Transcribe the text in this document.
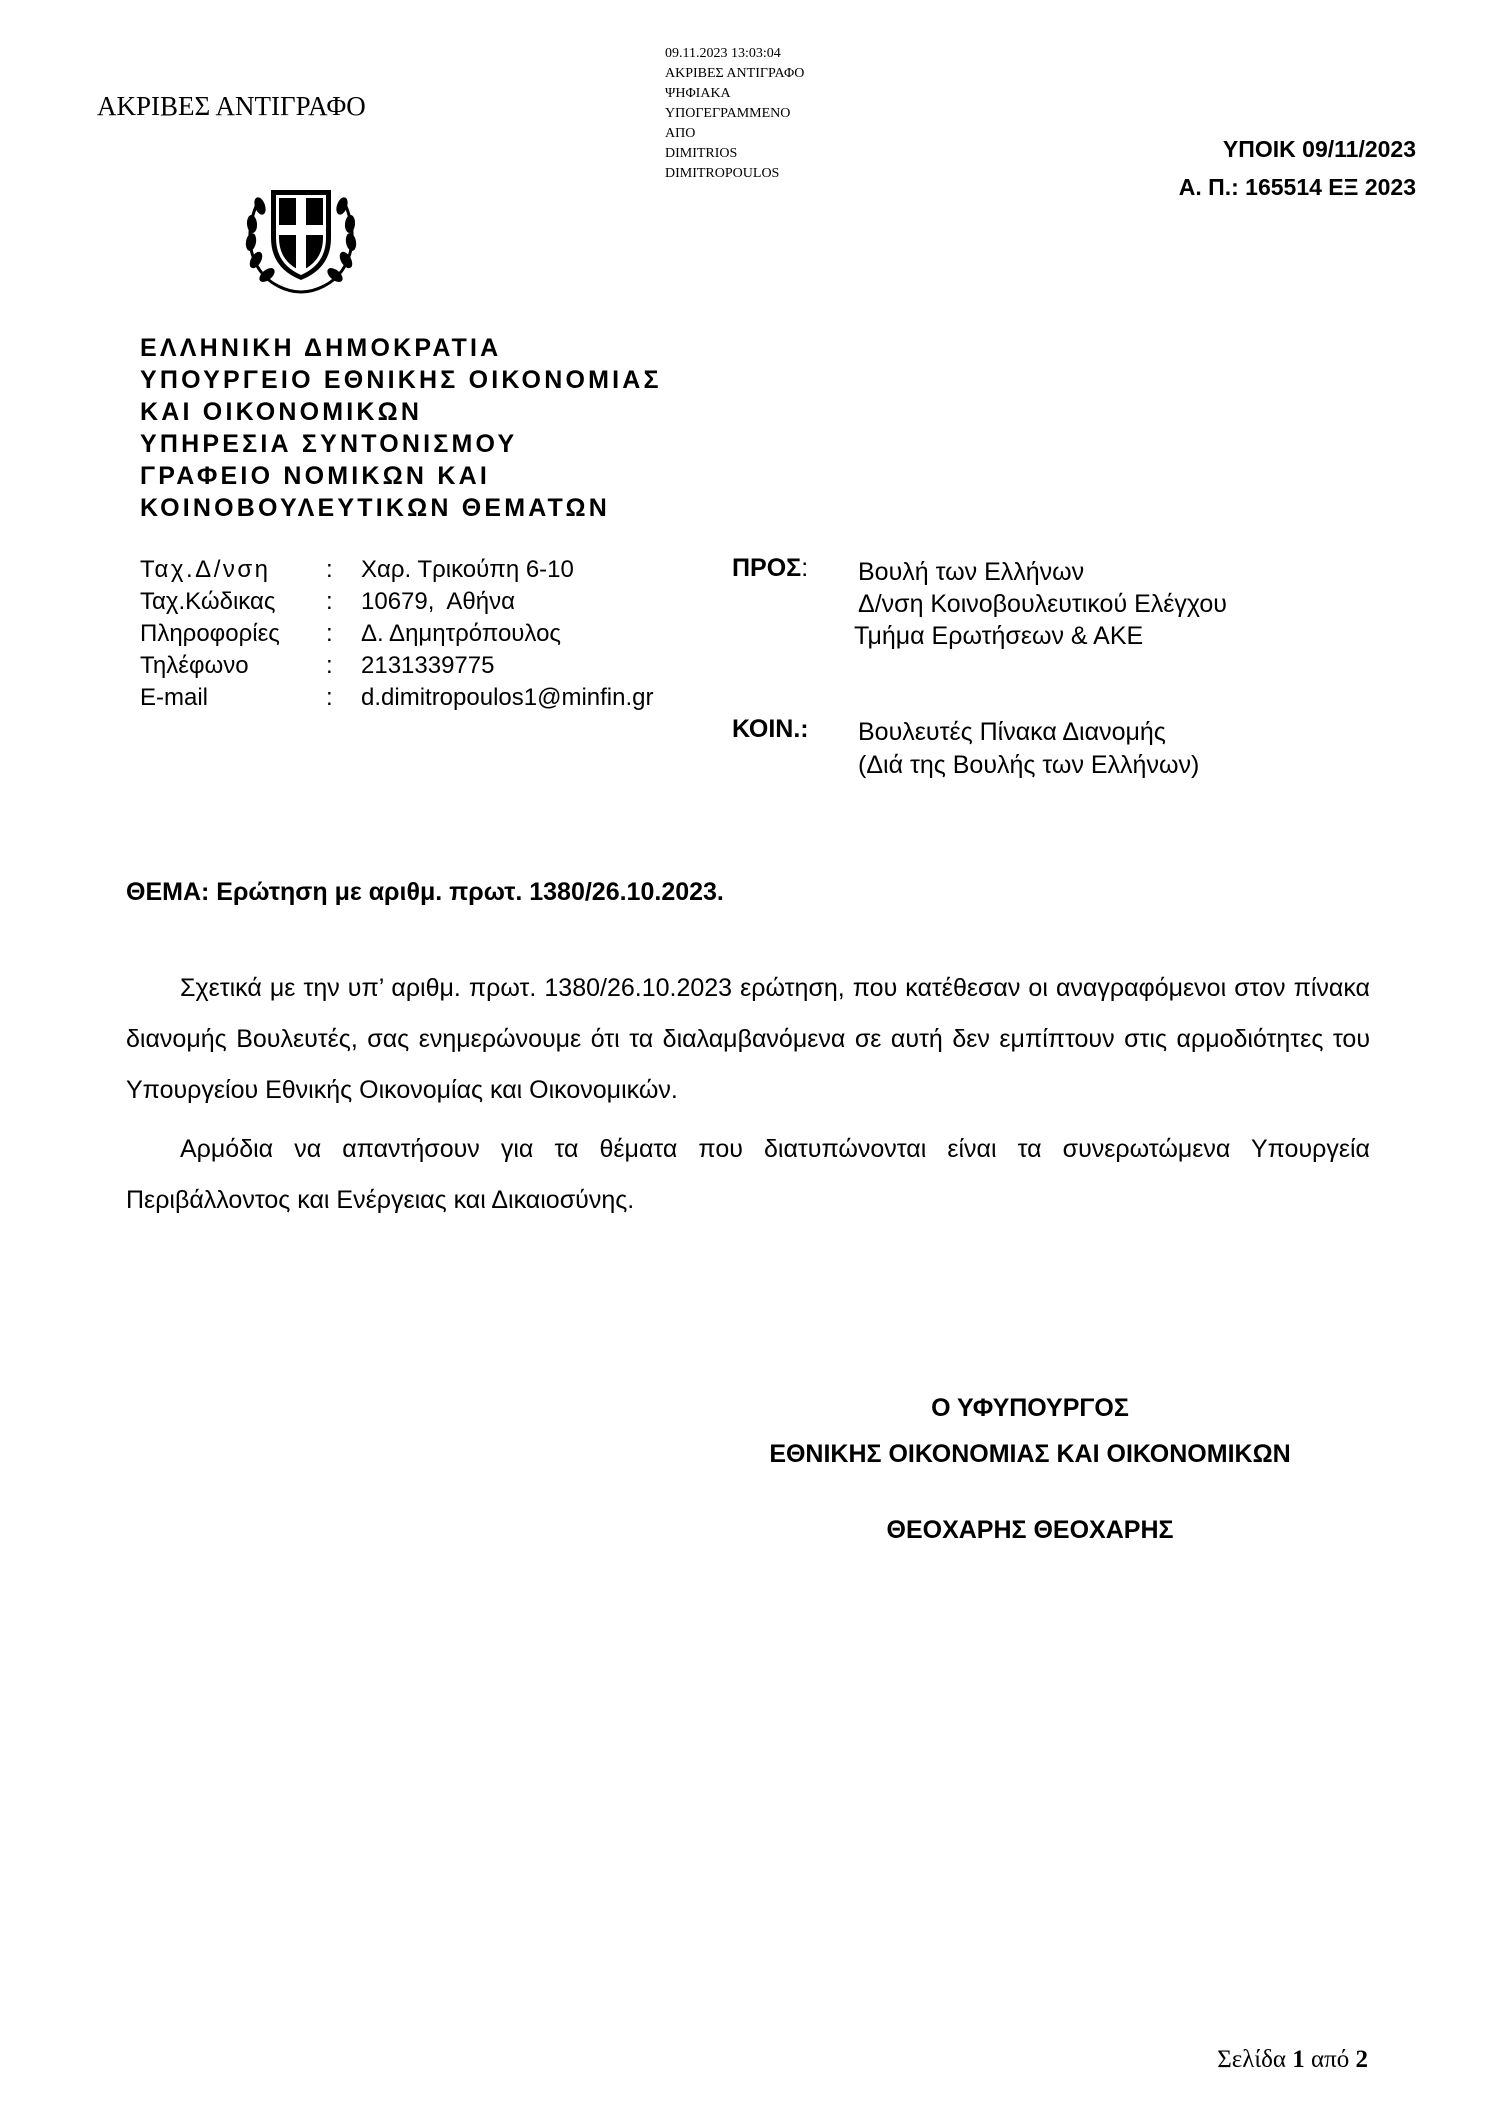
ΑΚΡΙΒΕΣ ΑΝΤΙΓΡΑΦΟ
09.11.2023 13:03:04
ΑΚΡΙΒΕΣ ΑΝΤΙΓΡΑΦΟ
ΨΗΦΙΑΚΑ
ΥΠΟΓΕΓΡΑΜΜΕΝΟ
ΑΠΟ
DIMITRIOS
DIMITROPOULOS
ΥΠΟΙΚ 09/11/2023
Α. Π.: 165514 ΕΞ 2023
ΕΛΛΗΝΙΚΗ ΔΗΜΟΚΡΑΤΙΑ
ΥΠΟΥΡΓΕΙΟ ΕΘΝΙΚΗΣ ΟΙΚΟΝΟΜΙΑΣ
ΚΑΙ ΟΙΚΟΝΟΜΙΚΩΝ
ΥΠΗΡΕΣΙΑ ΣΥΝΤΟΝΙΣΜΟΥ
ΓΡΑΦΕΙΟ ΝΟΜΙΚΩΝ ΚΑΙ
ΚΟΙΝΟΒΟΥΛΕΥΤΙΚΩΝ ΘΕΜΑΤΩΝ
Ταχ.Δ/νση	:	Χαρ. Τρικούπη 6-10
Ταχ.Κώδικας	:	10679,  Αθήνα
Πληροφορίες	:	Δ. Δημητρόπουλος
Τηλέφωνο	:	2131339775
E-mail	:	d.dimitropoulos1@minfin.gr
ΠΡΟΣ: Βουλή των Ελλήνων
Δ/νση Κοινοβουλευτικού Ελέγχου
Τμήμα Ερωτήσεων & ΑΚΕ
ΚΟΙΝ.: Βουλευτές Πίνακα Διανομής
(Διά της Βουλής των Ελλήνων)
ΘΕΜΑ: Ερώτηση με αριθμ. πρωτ. 1380/26.10.2023.
Σχετικά με την υπ’ αριθμ. πρωτ. 1380/26.10.2023 ερώτηση, που κατέθεσαν οι αναγραφόμενοι στον πίνακα διανομής Βουλευτές, σας ενημερώνουμε ότι τα διαλαμβανόμενα σε αυτή δεν εμπίπτουν στις αρμοδιότητες του Υπουργείου Εθνικής Οικονομίας και Οικονομικών.
Αρμόδια να απαντήσουν για τα θέματα που διατυπώνονται είναι τα συνερωτώμενα Υπουργεία Περιβάλλοντος και Ενέργειας και Δικαιοσύνης.
Ο ΥΦΥΠΟΥΡΓΟΣ
ΕΘΝΙΚΗΣ ΟΙΚΟΝΟΜΙΑΣ ΚΑΙ ΟΙΚΟΝΟΜΙΚΩΝ
ΘΕΟΧΑΡΗΣ ΘΕΟΧΑΡΗΣ
Σελίδα 1 από 2
